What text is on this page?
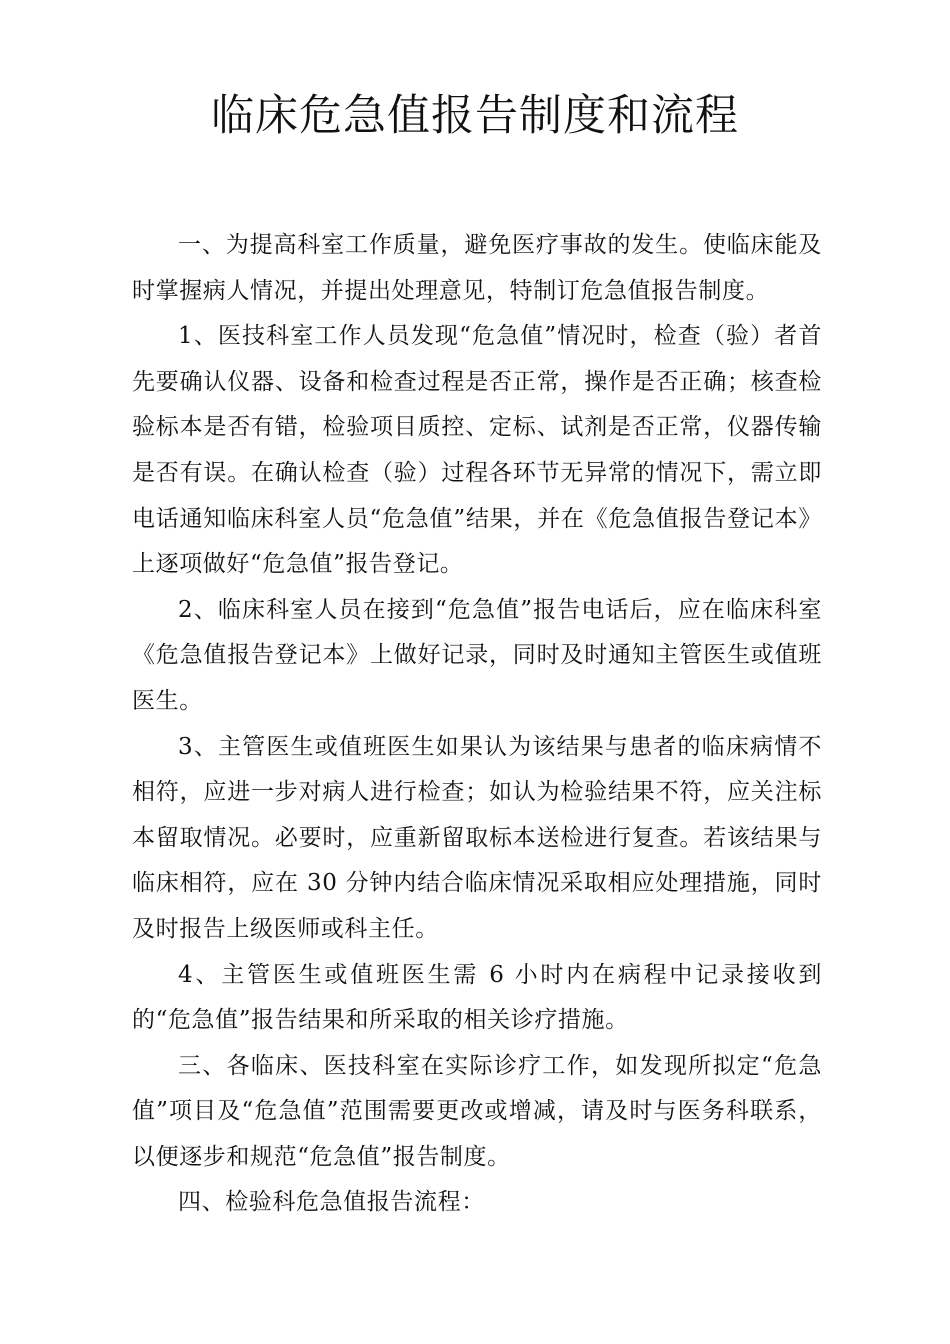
临床危急值报告制度和流程

一、为提高科室工作质量，避免医疗事故的发生。使临床能及时掌握病人情况，并提出处理意见，特制订危急值报告制度。

1、医技科室工作人员发现“危急值”情况时，检查（验）者首先要确认仪器、设备和检查过程是否正常，操作是否正确；核查检验标本是否有错，检验项目质控、定标、试剂是否正常，仪器传输是否有误。在确认检查（验）过程各环节无异常的情况下，需立即电话通知临床科室人员“危急值”结果，并在《危急值报告登记本》上逐项做好“危急值”报告登记。

2、临床科室人员在接到“危急值”报告电话后，应在临床科室《危急值报告登记本》上做好记录，同时及时通知主管医生或值班医生。

3、主管医生或值班医生如果认为该结果与患者的临床病情不相符，应进一步对病人进行检查；如认为检验结果不符，应关注标本留取情况。必要时，应重新留取标本送检进行复查。若该结果与临床相符，应在 30 分钟内结合临床情况采取相应处理措施，同时及时报告上级医师或科主任。

4、主管医生或值班医生需 6 小时内在病程中记录接收到的“危急值”报告结果和所采取的相关诊疗措施。

三、各临床、医技科室在实际诊疗工作，如发现所拟定“危急值”项目及“危急值”范围需要更改或增减，请及时与医务科联系，以便逐步和规范“危急值”报告制度。

四、检验科危急值报告流程：
